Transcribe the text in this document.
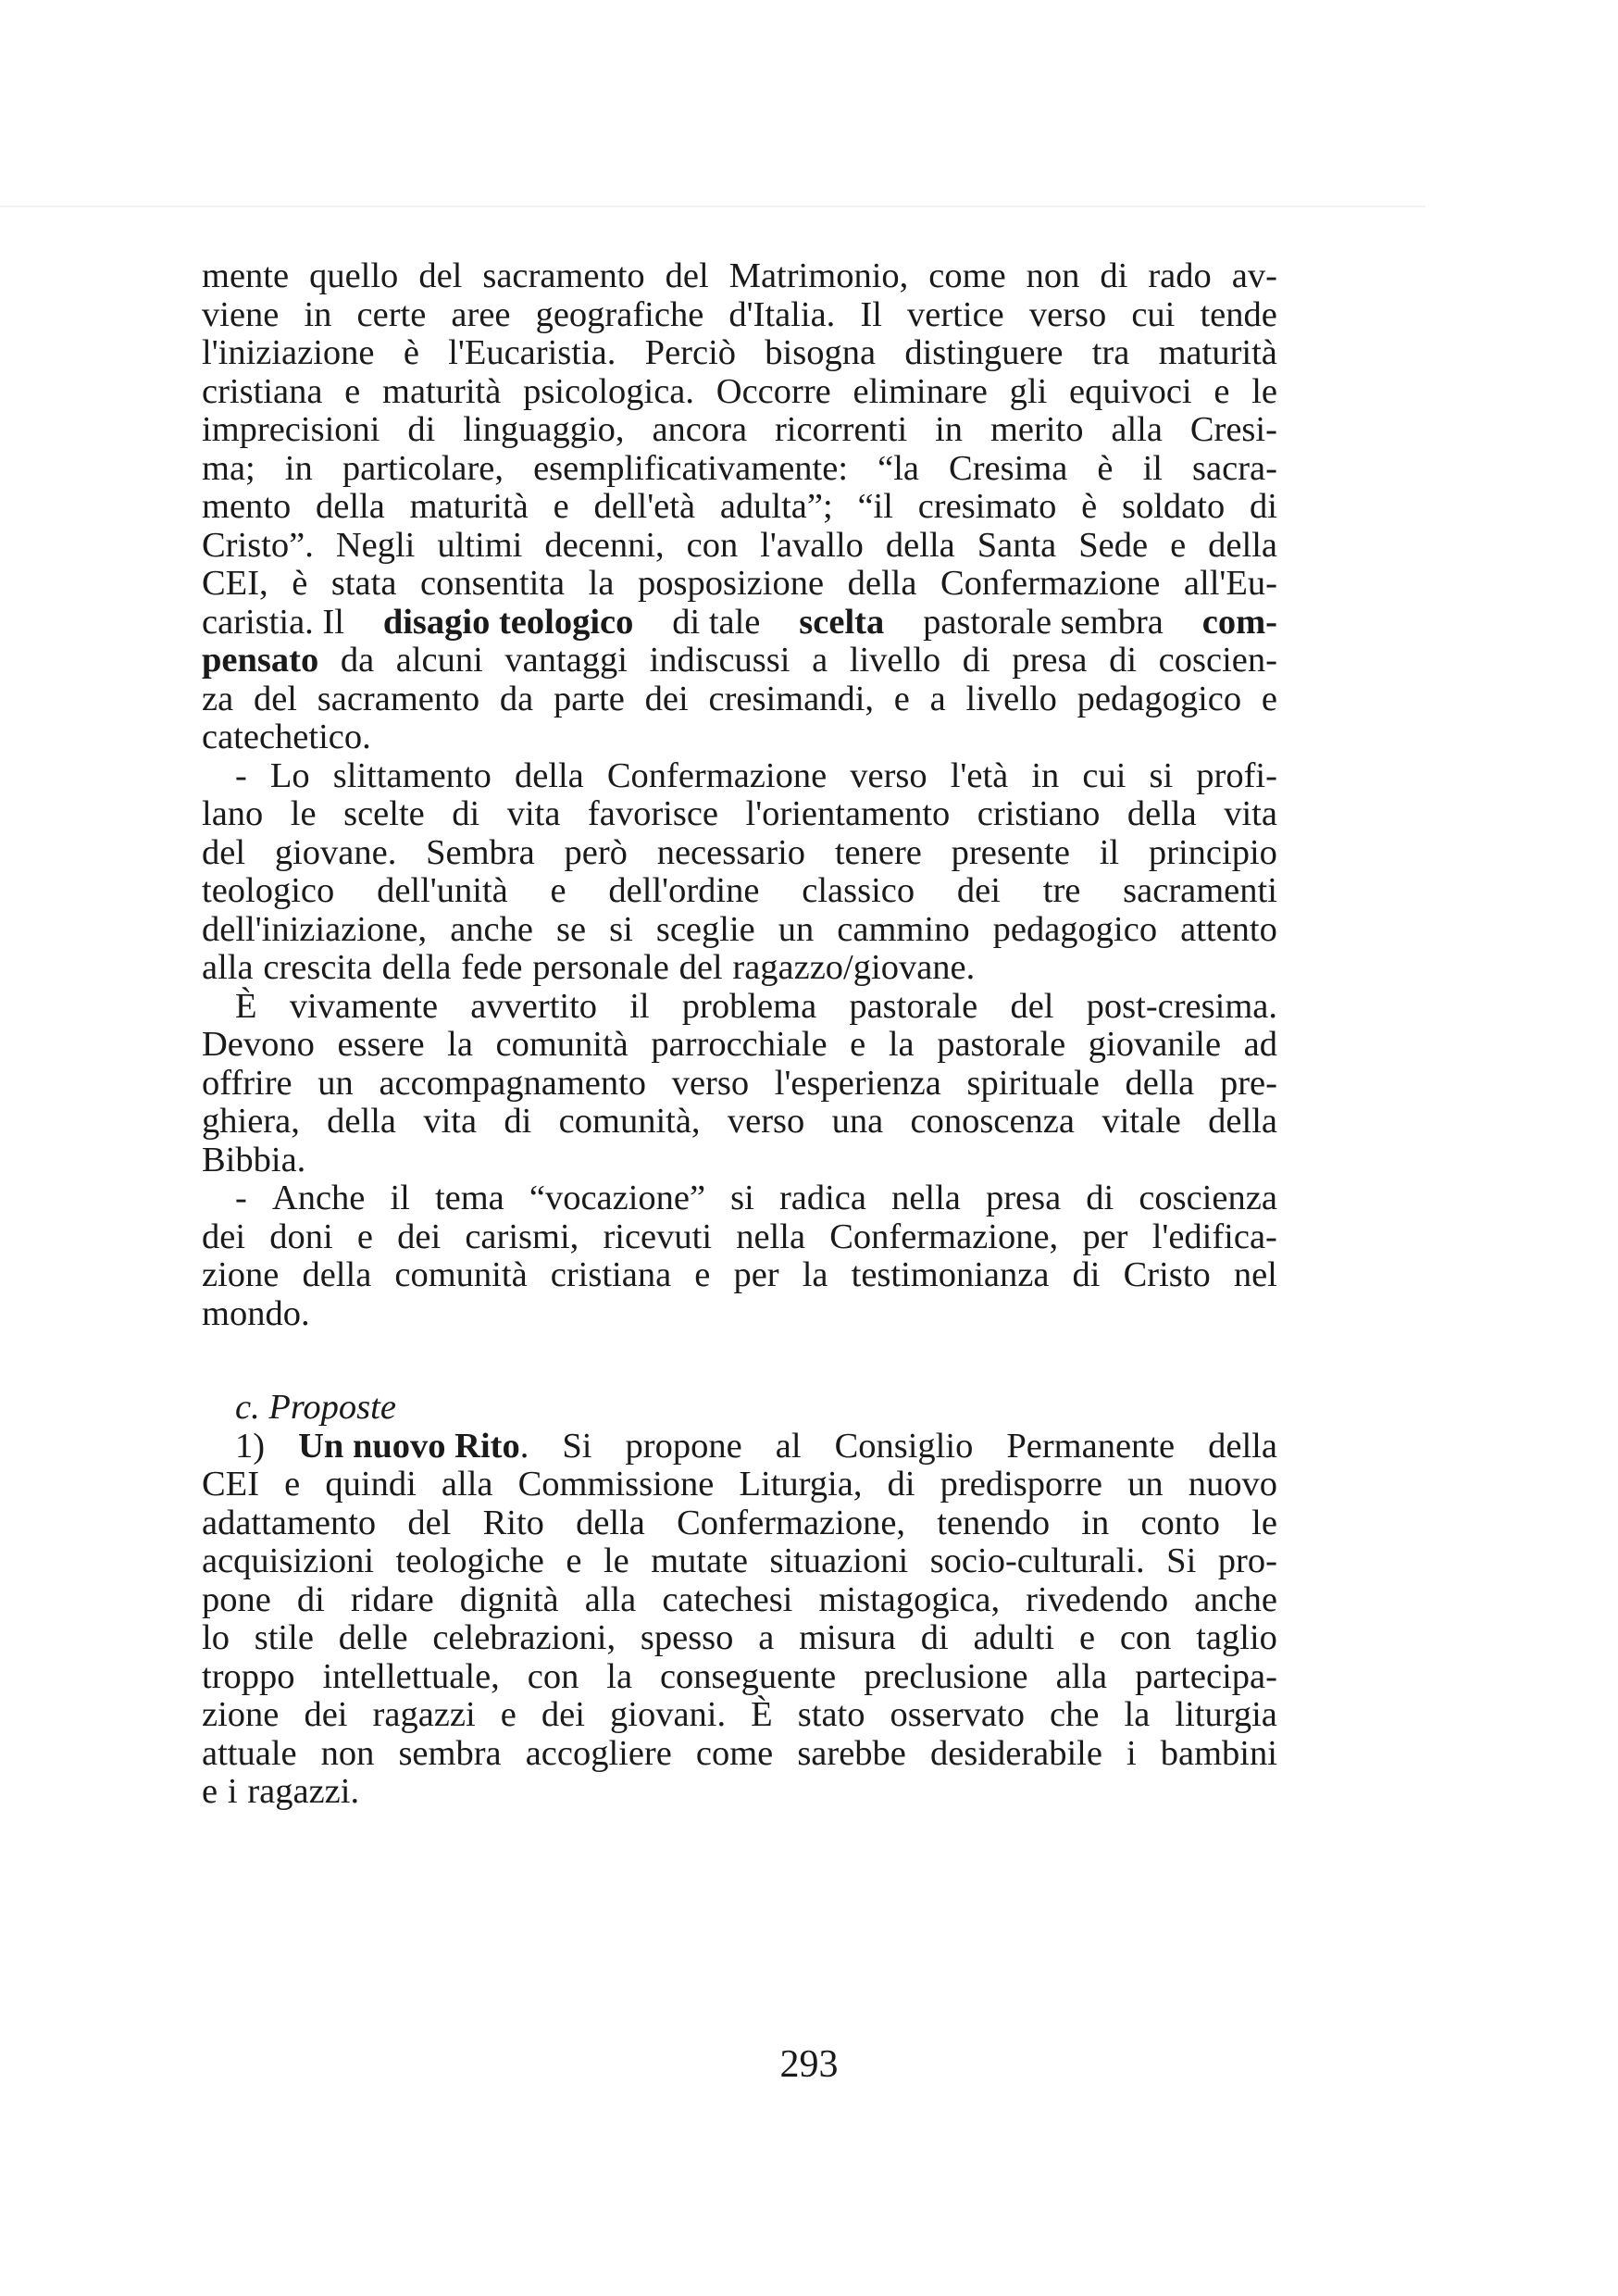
mente quello del sacramento del Matrimonio, come non di rado av-
viene in certe aree geografiche d'Italia. Il vertice verso cui tende
l'iniziazione è l'Eucaristia. Perciò bisogna distinguere tra maturità
cristiana e maturità psicologica. Occorre eliminare gli equivoci e le
imprecisioni di linguaggio, ancora ricorrenti in merito alla Cresi-
ma; in particolare, esemplificativamente: “la Cresima è il sacra-
mento della maturità e dell'età adulta”; “il cresimato è soldato di
Cristo”. Negli ultimi decenni, con l'avallo della Santa Sede e della
CEI, è stata consentita la posposizione della Confermazione all'Eu-
caristia. Il disagio teologico di tale scelta pastorale sembra com-
pensato da alcuni vantaggi indiscussi a livello di presa di coscien-
za del sacramento da parte dei cresimandi, e a livello pedagogico e
catechetico.
- Lo slittamento della Confermazione verso l'età in cui si profi-
lano le scelte di vita favorisce l'orientamento cristiano della vita
del giovane. Sembra però necessario tenere presente il principio
teologico dell'unità e dell'ordine classico dei tre sacramenti
dell'iniziazione, anche se si sceglie un cammino pedagogico attento
alla crescita della fede personale del ragazzo/giovane.
È vivamente avvertito il problema pastorale del post-cresima.
Devono essere la comunità parrocchiale e la pastorale giovanile ad
offrire un accompagnamento verso l'esperienza spirituale della pre-
ghiera, della vita di comunità, verso una conoscenza vitale della
Bibbia.
- Anche il tema “vocazione” si radica nella presa di coscienza
dei doni e dei carismi, ricevuti nella Confermazione, per l'edifica-
zione della comunità cristiana e per la testimonianza di Cristo nel
mondo.
c. Proposte
1) Un nuovo Rito. Si propone al Consiglio Permanente della
CEI e quindi alla Commissione Liturgia, di predisporre un nuovo
adattamento del Rito della Confermazione, tenendo in conto le
acquisizioni teologiche e le mutate situazioni socio-culturali. Si pro-
pone di ridare dignità alla catechesi mistagogica, rivedendo anche
lo stile delle celebrazioni, spesso a misura di adulti e con taglio
troppo intellettuale, con la conseguente preclusione alla partecipa-
zione dei ragazzi e dei giovani. È stato osservato che la liturgia
attuale non sembra accogliere come sarebbe desiderabile i bambini
e i ragazzi.
293
